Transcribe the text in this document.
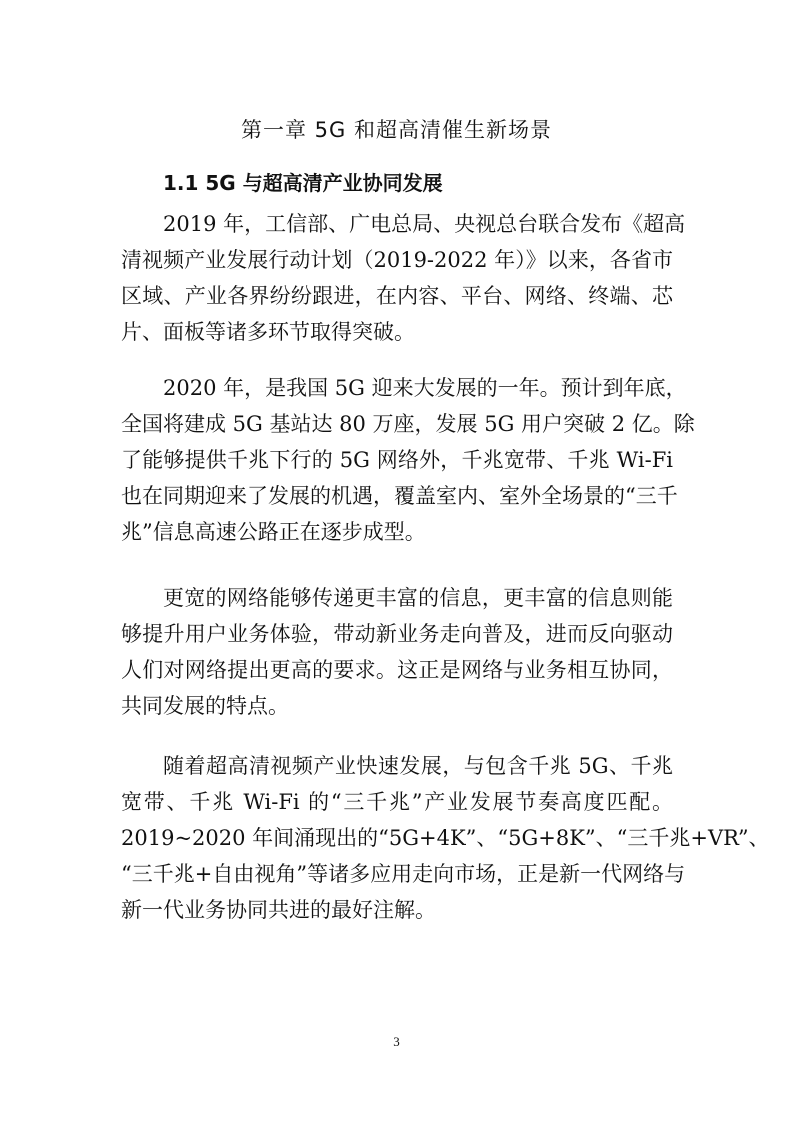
第一章 5G 和超高清催生新场景
1.1 5G 与超高清产业协同发展
2019 年，工信部、广电总局、央视总台联合发布《超高
清视频产业发展行动计划（2019-2022 年）》以来，各省市
区域、产业各界纷纷跟进，在内容、平台、网络、终端、芯
片、面板等诸多环节取得突破。
2020 年，是我国 5G 迎来大发展的一年。预计到年底，
全国将建成 5G 基站达 80 万座，发展 5G 用户突破 2 亿。除
了能够提供千兆下行的 5G 网络外，千兆宽带、千兆 Wi-Fi
也在同期迎来了发展的机遇，覆盖室内、室外全场景的“三千
兆”信息高速公路正在逐步成型。
更宽的网络能够传递更丰富的信息，更丰富的信息则能
够提升用户业务体验，带动新业务走向普及，进而反向驱动
人们对网络提出更高的要求。这正是网络与业务相互协同，
共同发展的特点。
随着超高清视频产业快速发展，与包含千兆 5G、千兆
宽带、千兆 Wi-Fi 的“三千兆”产业发展节奏高度匹配。
2019~2020 年间涌现出的“5G+4K”、“5G+8K”、“三千兆+VR”、
“三千兆+自由视角”等诸多应用走向市场，正是新一代网络与
新一代业务协同共进的最好注解。
3
